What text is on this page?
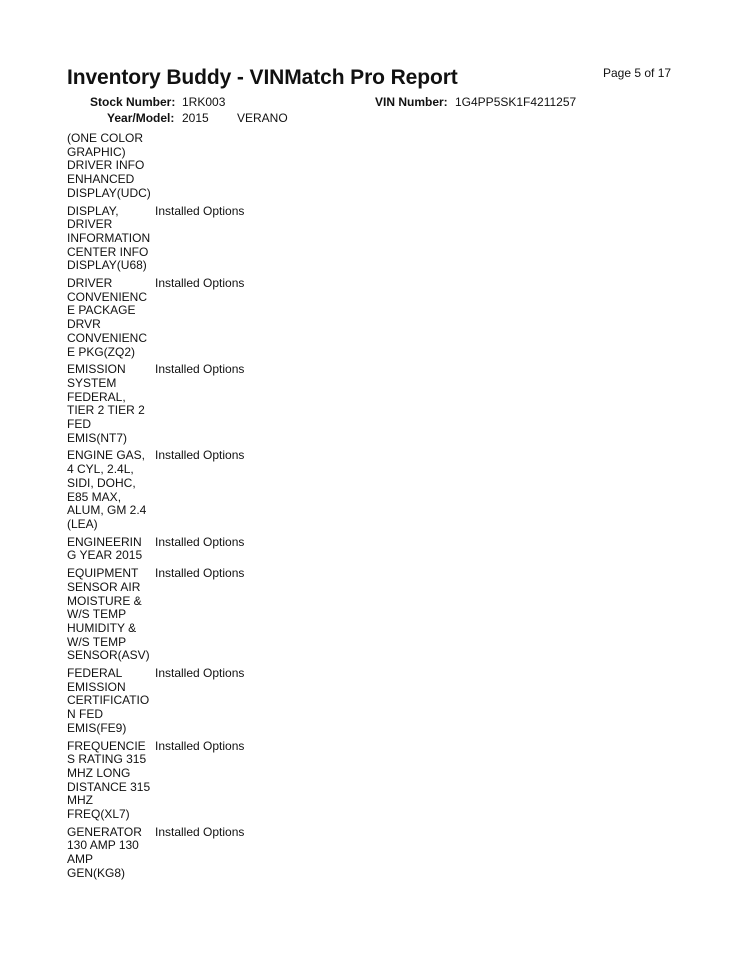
Inventory Buddy - VINMatch Pro Report	Page 5 of 17
Stock Number: 1RK003	VIN Number: 1G4PP5SK1F4211257
Year/Model: 2015 VERANO
(ONE COLOR
GRAPHIC)
DRIVER INFO
ENHANCED
DISPLAY(UDC)
DISPLAY,
DRIVER
INFORMATION
CENTER INFO
DISPLAY(U68)
Installed Options
DRIVER
CONVENIENC
E PACKAGE
DRVR
CONVENIENC
E PKG(ZQ2)
Installed Options
EMISSION
SYSTEM
FEDERAL,
TIER 2 TIER 2
FED
EMIS(NT7)
Installed Options
ENGINE GAS,
4 CYL, 2.4L,
SIDI, DOHC,
E85 MAX,
ALUM, GM 2.4
(LEA)
Installed Options
ENGINEERIN
G YEAR 2015
Installed Options
EQUIPMENT
SENSOR AIR
MOISTURE &
W/S TEMP
HUMIDITY &
W/S TEMP
SENSOR(ASV)
Installed Options
FEDERAL
EMISSION
CERTIFICATIO
N FED
EMIS(FE9)
Installed Options
FREQUENCIE
S RATING 315
MHZ LONG
DISTANCE 315
MHZ
FREQ(XL7)
Installed Options
GENERATOR
130 AMP 130
AMP
GEN(KG8)
Installed Options
